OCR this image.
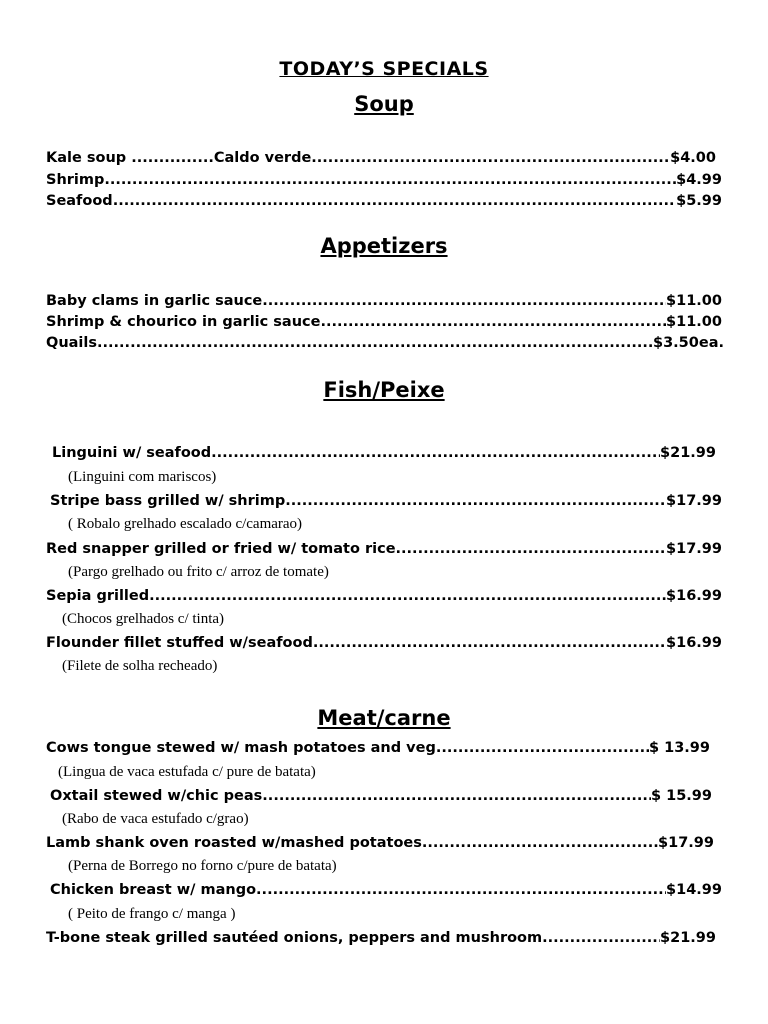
TODAY’S SPECIALS
Soup
Kale soup ...............Caldo verde .....	$4.00
Shrimp .....	$4.99
Seafood .....	$5.99
Appetizers
Baby clams in garlic sauce .....	$11.00
Shrimp & chourico in garlic sauce .....	$11.00
Quails .....	$3.50ea.
Fish/Peixe
Linguini w/ seafood .....	$21.99
(Linguini com mariscos)
Stripe bass grilled w/ shrimp .....	$17.99
( Robalo grelhado escalado c/camarao)
Red snapper grilled or fried w/ tomato rice .....	$17.99
(Pargo grelhado ou frito c/ arroz de tomate)
Sepia grilled .....	$16.99
(Chocos grelhados c/ tinta)
Flounder fillet stuffed w/seafood .....	$16.99
(Filete de solha recheado)
Meat/carne
Cows tongue stewed w/ mash potatoes and veg .....	$ 13.99
(Lingua de vaca estufada c/ pure de batata)
Oxtail stewed w/chic peas .....	$ 15.99
(Rabo de vaca estufado c/grao)
Lamb shank oven roasted w/mashed potatoes .....	$17.99
(Perna de Borrego no forno c/pure de batata)
Chicken breast w/ mango .....	$14.99
( Peito de frango c/ manga )
T-bone steak grilled sautéed onions, peppers and mushroom .....	$21.99
